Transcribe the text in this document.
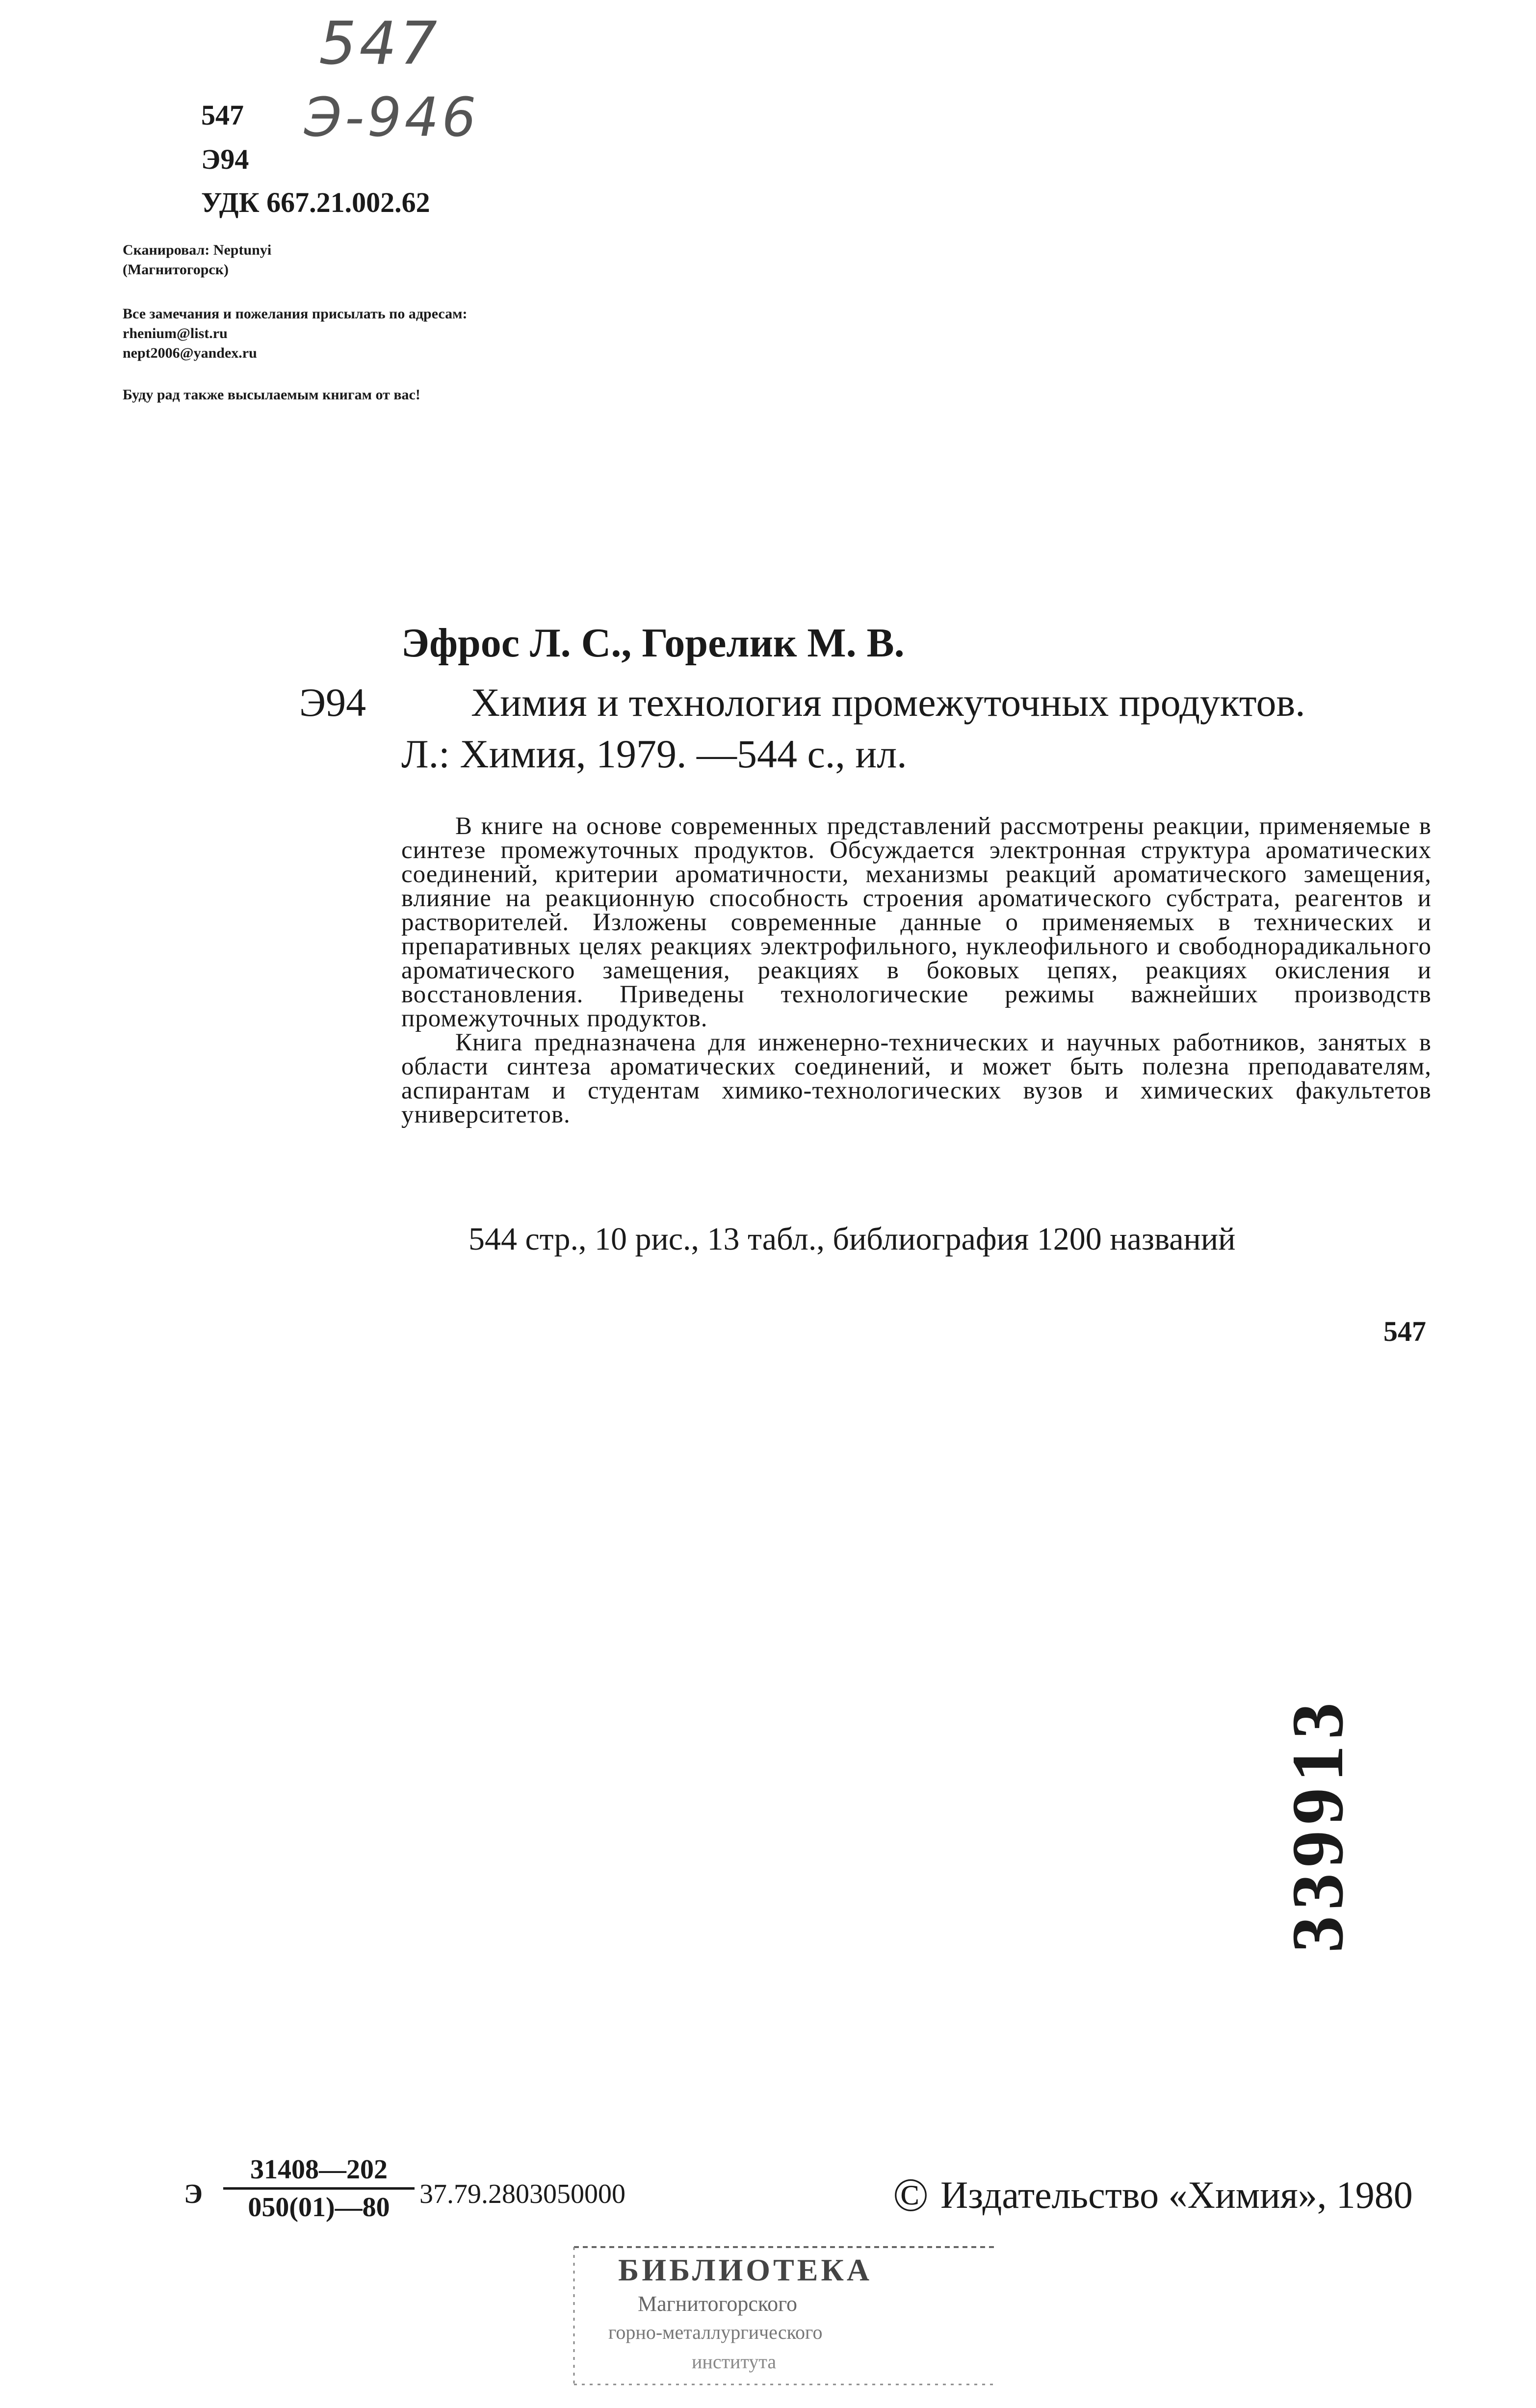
547
Э-946
547
Э94
УДК 667.21.002.62
Сканировал: Neptunyi
(Магнитогорск)
Все замечания и пожелания присылать по адресам:
rhenium@list.ru
nept2006@yandex.ru
Буду рад также высылаемым книгам от вас!
Эфрос Л. С., Горелик М. В.
Э94	Химия и технология промежуточных продуктов.
Л.: Химия, 1979. —544 с., ил.

В книге на основе современных представлений рассмотрены реакции, применяемые в синтезе промежуточных продуктов. Обсуждается электронная структура ароматических соединений, критерии ароматичности, механизмы реакций ароматического замещения, влияние на реакционную способность строения ароматического субстрата, реагентов и растворителей. Изложены современные данные о применяемых в технических и препаративных целях реакциях электрофильного, нуклеофильного и свободнорадикального ароматического замещения, реакциях в боковых цепях, реакциях окисления и восстановления. Приведены технологические режимы важнейших производств промежуточных продуктов.

Книга предназначена для инженерно-технических и научных работников, занятых в области синтеза ароматических соединений, и может быть полезна преподавателям, аспирантам и студентам химико-технологических вузов и химических факультетов университетов.

544 стр., 10 рис., 13 табл., библиография 1200 названий
547
339913
Э $\frac{31408—202}{050(01)—80} 37.79.2803050000$	© Издательство «Химия», 1980
БИБЛИОТЕКА
Магнитогорского
горно-металлургического
института
